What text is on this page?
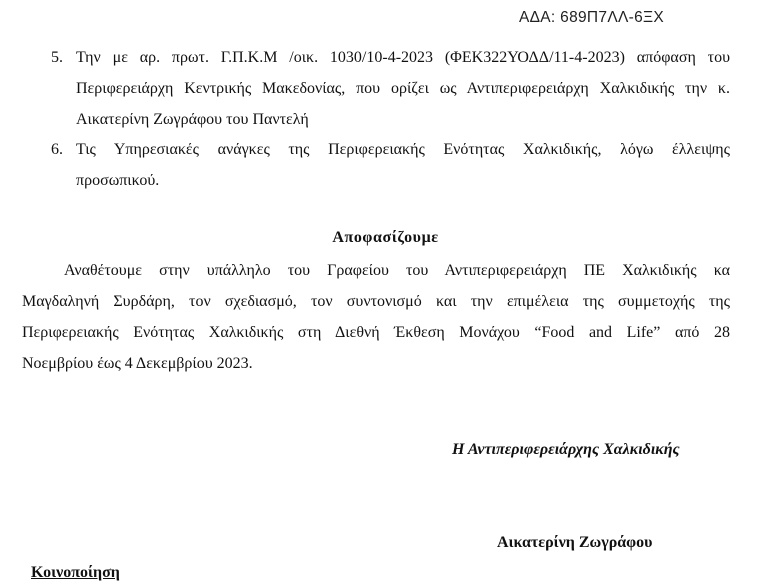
ΑΔΑ: 689Π7ΛΛ-6ΞΧ
5. Την με αρ. πρωτ. Γ.Π.Κ.Μ /οικ. 1030/10-4-2023 (ΦΕΚ322ΥΟΔΔ/11-4-2023) απόφαση του
Περιφερειάρχη Κεντρικής Μακεδονίας, που ορίζει ως Αντιπεριφερειάρχη Χαλκιδικής την κ.
Αικατερίνη Ζωγράφου του Παντελή
6. Τις Υπηρεσιακές ανάγκες της Περιφερειακής Ενότητας Χαλκιδικής, λόγω έλλειψης
προσωπικού.
Αποφασίζουμε
Αναθέτουμε στην υπάλληλο του Γραφείου του Αντιπεριφερειάρχη ΠΕ Χαλκιδικής κα
Μαγδαληνή Συρδάρη, τον σχεδιασμό, τον συντονισμό και την επιμέλεια της συμμετοχής της
Περιφερειακής Ενότητας Χαλκιδικής στη Διεθνή Έκθεση Μονάχου “Food and Life” από 28
Νοεμβρίου έως 4 Δεκεμβρίου 2023.
Η Αντιπεριφερειάρχης Χαλκιδικής
Αικατερίνη Ζωγράφου
Κοινοποίηση
